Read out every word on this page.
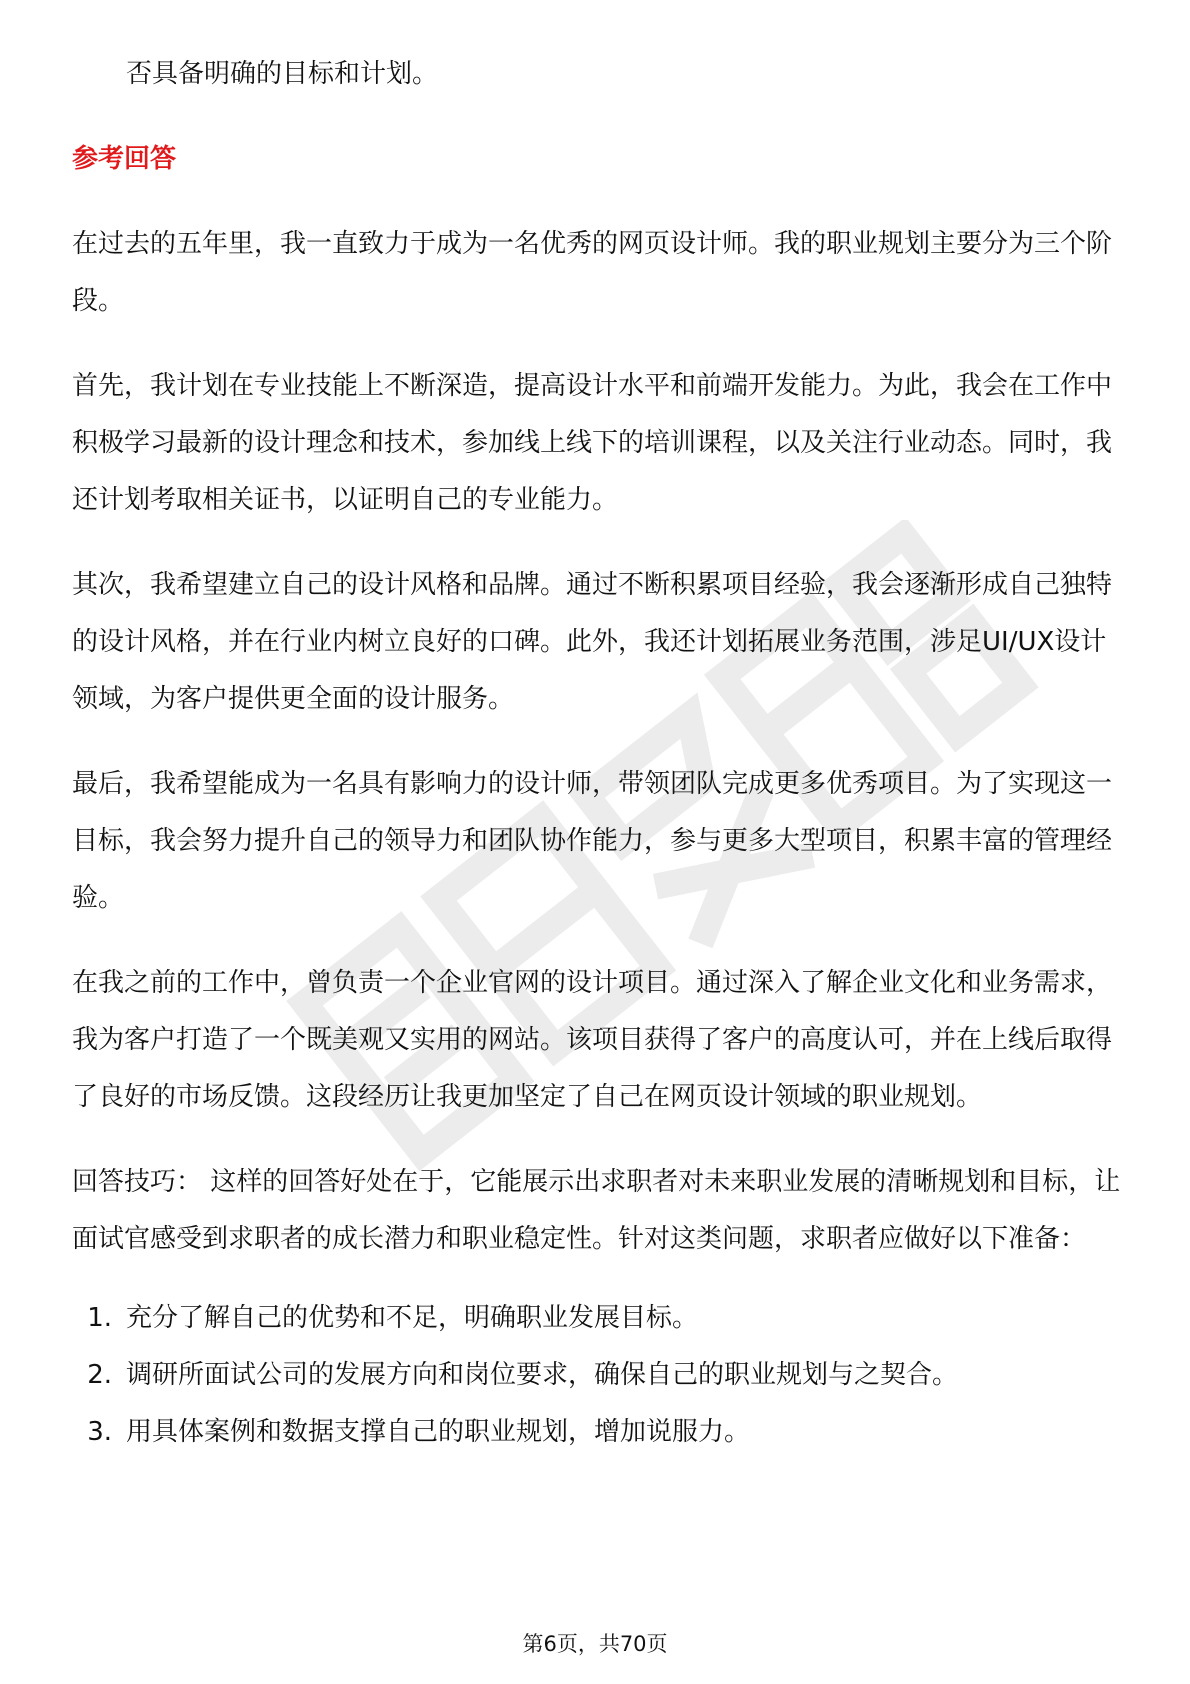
否具备明确的目标和计划。

参考回答

在过去的五年里，我一直致力于成为一名优秀的网页设计师。我的职业规划主要分为三个阶段。

首先，我计划在专业技能上不断深造，提高设计水平和前端开发能力。为此，我会在工作中积极学习最新的设计理念和技术，参加线上线下的培训课程，以及关注行业动态。同时，我还计划考取相关证书，以证明自己的专业能力。

其次，我希望建立自己的设计风格和品牌。通过不断积累项目经验，我会逐渐形成自己独特的设计风格，并在行业内树立良好的口碑。此外，我还计划拓展业务范围，涉足UI/UX设计领域，为客户提供更全面的设计服务。

最后，我希望能成为一名具有影响力的设计师，带领团队完成更多优秀项目。为了实现这一目标，我会努力提升自己的领导力和团队协作能力，参与更多大型项目，积累丰富的管理经验。

在我之前的工作中，曾负责一个企业官网的设计项目。通过深入了解企业文化和业务需求，我为客户打造了一个既美观又实用的网站。该项目获得了客户的高度认可，并在上线后取得了良好的市场反馈。这段经历让我更加坚定了自己在网页设计领域的职业规划。

回答技巧： 这样的回答好处在于，它能展示出求职者对未来职业发展的清晰规划和目标，让面试官感受到求职者的成长潜力和职业稳定性。针对这类问题，求职者应做好以下准备：

1. 充分了解自己的优势和不足，明确职业发展目标。
2. 调研所面试公司的发展方向和岗位要求，确保自己的职业规划与之契合。
3. 用具体案例和数据支撑自己的职业规划，增加说服力。
第6页，共70页
